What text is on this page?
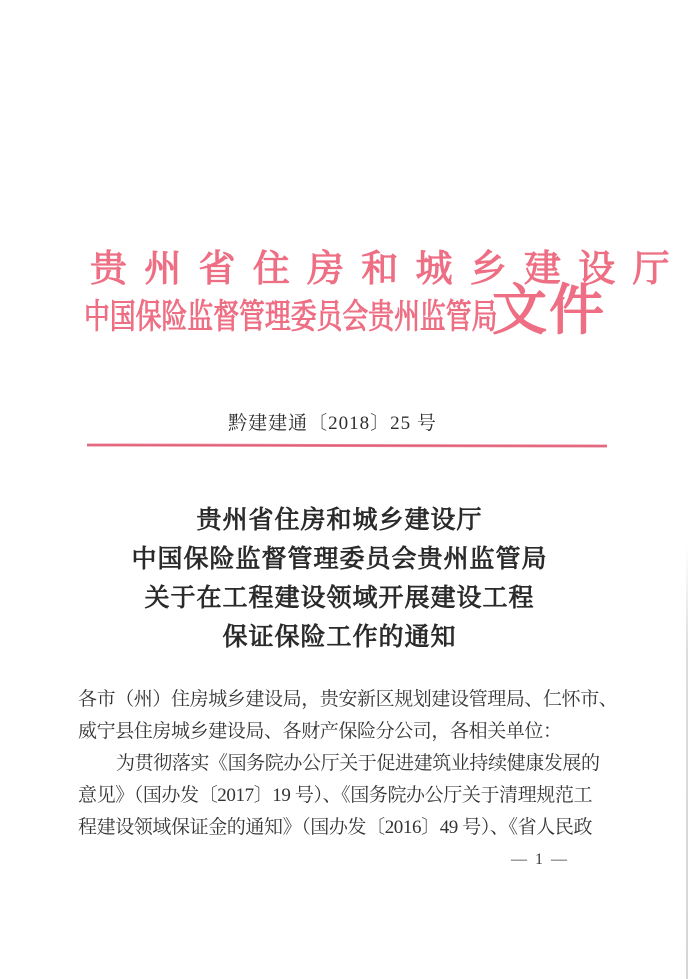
贵 州 省 住 房 和 城 乡 建 设 厅
中国保险监督管理委员会贵州监管局
文件
黔建建通〔2018〕25 号
贵州省住房和城乡建设厅
中国保险监督管理委员会贵州监管局
关于在工程建设领域开展建设工程
保证保险工作的通知
各市（州）住房城乡建设局，贵安新区规划建设管理局、仁怀市、
威宁县住房城乡建设局、各财产保险分公司，各相关单位：
为贯彻落实《国务院办公厅关于促进建筑业持续健康发展的
意见》（国办发〔2017〕19 号）、《国务院办公厅关于清理规范工
程建设领域保证金的通知》（国办发〔2016〕49 号）、《省人民政
— 1 —
